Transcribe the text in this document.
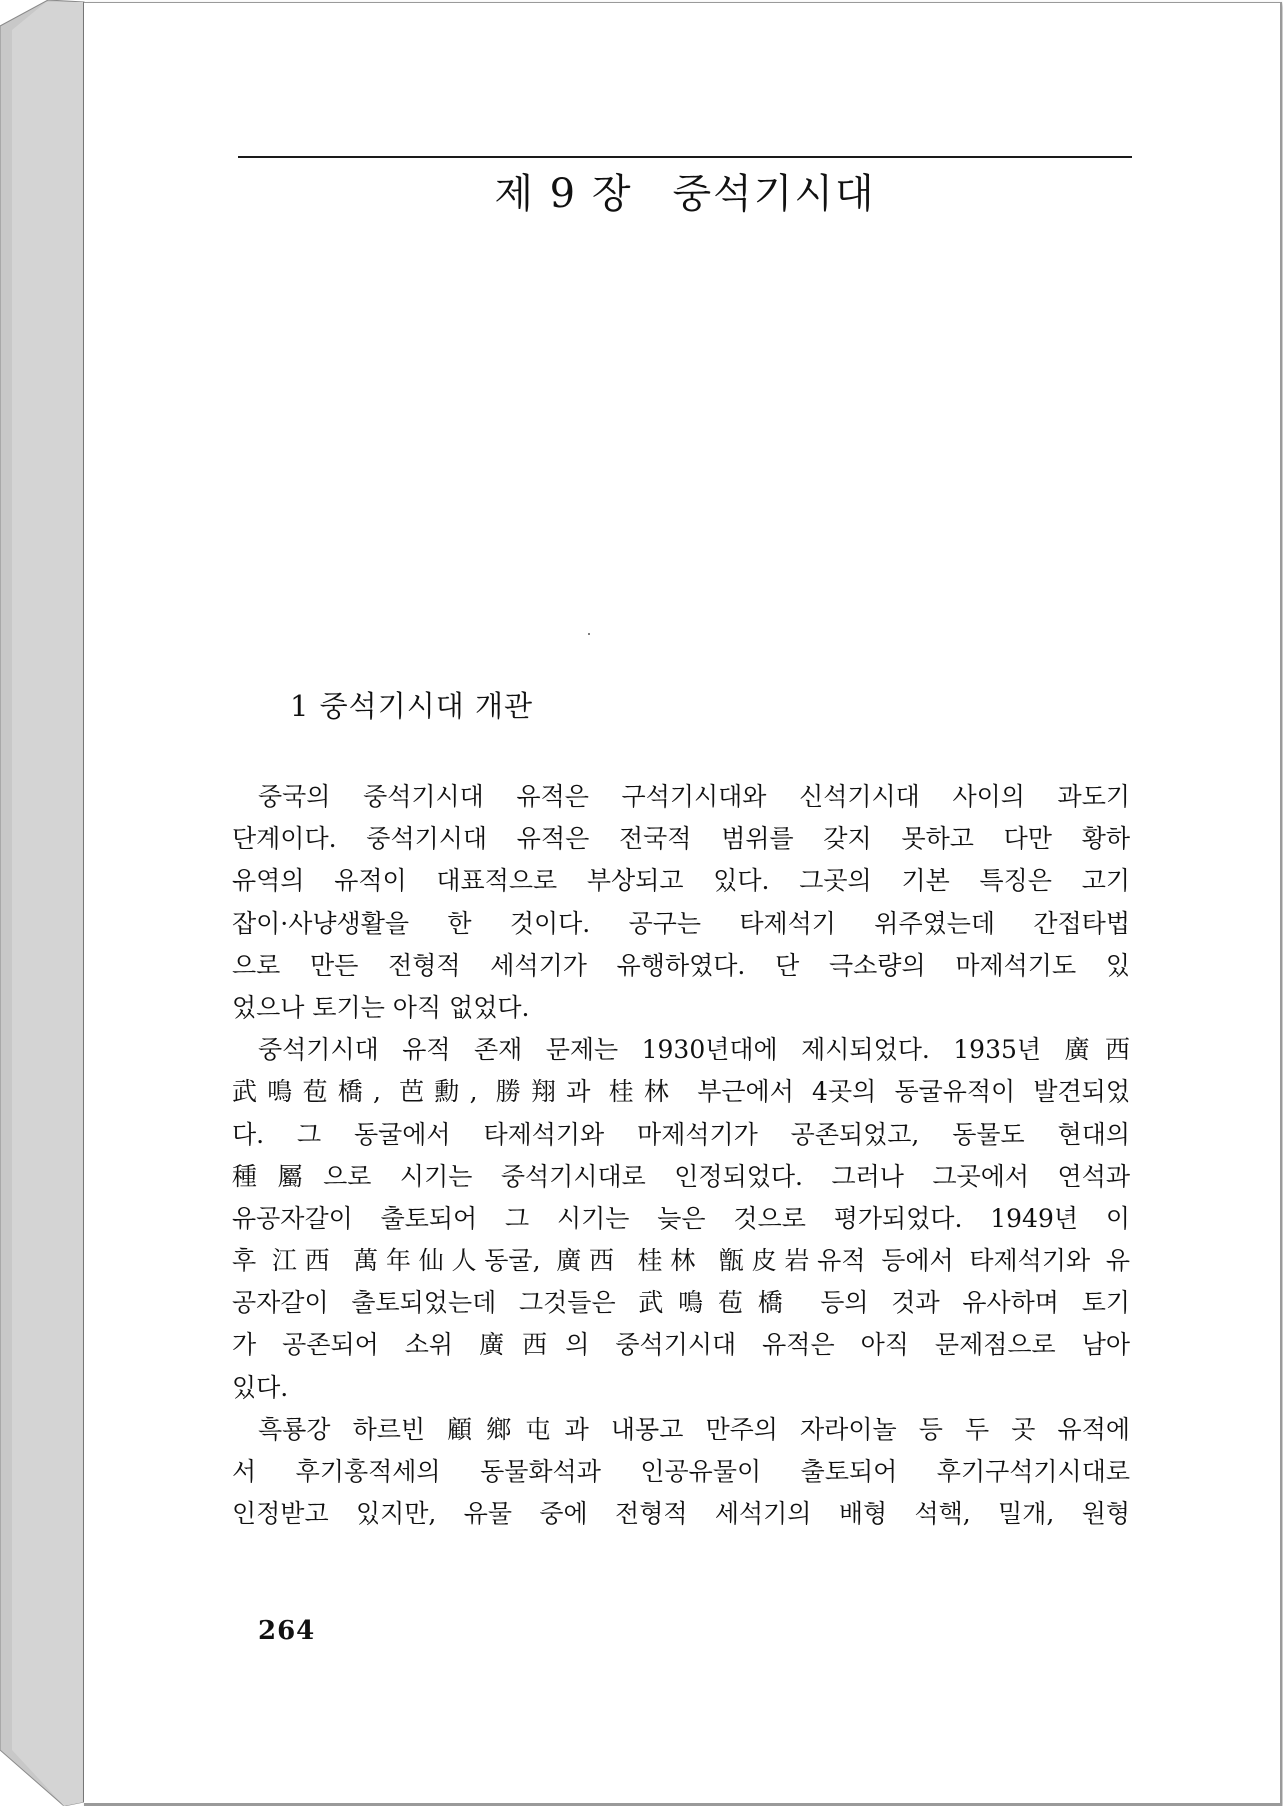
제 9 장 중석기시대
1 중석기시대 개관

중국의 중석기시대 유적은 구석기시대와 신석기시대 사이의 과도기
단계이다. 중석기시대 유적은 전국적 범위를 갖지 못하고 다만 황하
유역의 유적이 대표적으로 부상되고 있다. 그곳의 기본 특징은 고기
잡이·사냥생활을 한 것이다. 공구는 타제석기 위주였는데 간접타법
으로 만든 전형적 세석기가 유행하였다. 단 극소량의 마제석기도 있
었으나 토기는 아직 없었다.

중석기시대 유적 존재 문제는 1930년대에 제시되었다. 1935년 廣西
武鳴苞橋, 芭勳, 勝翔과 桂林 부근에서 4곳의 동굴유적이 발견되었
다. 그 동굴에서 타제석기와 마제석기가 공존되었고, 동물도 현대의
種屬으로 시기는 중석기시대로 인정되었다. 그러나 그곳에서 연석과
유공자갈이 출토되어 그 시기는 늦은 것으로 평가되었다. 1949년 이
후 江西 萬年仙人동굴, 廣西 桂林 甑皮岩유적 등에서 타제석기와 유
공자갈이 출토되었는데 그것들은 武鳴苞橋 등의 것과 유사하며 토기
가 공존되어 소위 廣西의 중석기시대 유적은 아직 문제점으로 남아
있다.

흑룡강 하르빈 顧鄉屯과 내몽고 만주의 자라이놀 등 두 곳 유적에
서 후기홍적세의 동물화석과 인공유물이 출토되어 후기구석기시대로
인정받고 있지만, 유물 중에 전형적 세석기의 배형 석핵, 밀개, 원형

264
